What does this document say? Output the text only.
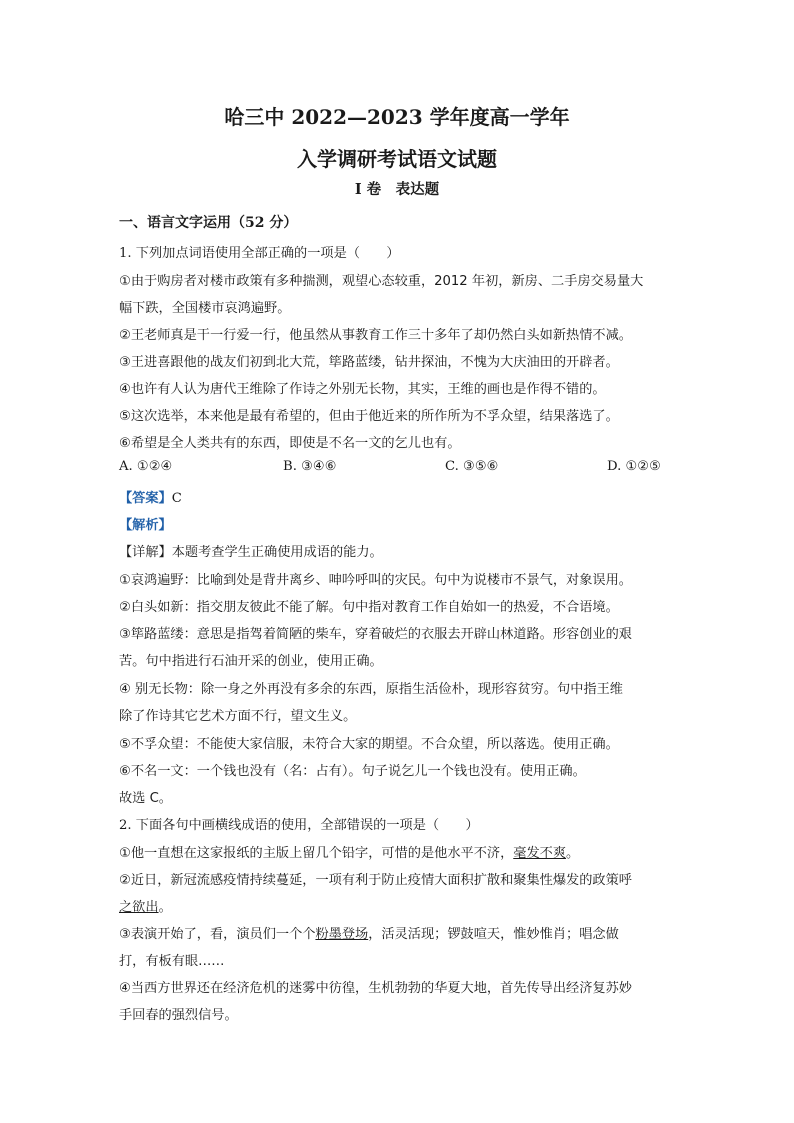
哈三中 2022—2023 学年度高一学年
入学调研考试语文试题
I 卷　表达题
一、语言文字运用（52 分）
1. 下列加点词语使用全部正确的一项是（　　）
①由于购房者对楼市政策有多种揣测，观望心态较重，2012 年初，新房、二手房交易量大
幅下跌，全国楼市哀鸿遍野。
②王老师真是干一行爱一行，他虽然从事教育工作三十多年了却仍然白头如新热情不减。
③王进喜跟他的战友们初到北大荒，筚路蓝缕，钻井探油，不愧为大庆油田的开辟者。
④也许有人认为唐代王维除了作诗之外别无长物，其实，王维的画也是作得不错的。
⑤这次选举，本来他是最有希望的，但由于他近来的所作所为不孚众望，结果落选了。
⑥希望是全人类共有的东西，即使是不名一文的乞儿也有。
A. ①②④	B. ③④⑥	C. ③⑤⑥	D. ①②⑤
【答案】C
【解析】
【详解】本题考查学生正确使用成语的能力。
①哀鸿遍野：比喻到处是背井离乡、呻吟呼叫的灾民。句中为说楼市不景气，对象误用。
②白头如新：指交朋友彼此不能了解。句中指对教育工作自始如一的热爱，不合语境。
③筚路蓝缕：意思是指驾着简陋的柴车，穿着破烂的衣服去开辟山林道路。形容创业的艰
苦。句中指进行石油开采的创业，使用正确。
④ 别无长物：除一身之外再没有多余的东西，原指生活俭朴，现形容贫穷。句中指王维
除了作诗其它艺术方面不行，望文生义。
⑤不孚众望：不能使大家信服，未符合大家的期望。不合众望，所以落选。使用正确。
⑥不名一文：一个钱也没有（名：占有）。句子说乞儿一个钱也没有。使用正确。
故选 C。
2. 下面各句中画横线成语的使用，全部错误的一项是（　　）
①他一直想在这家报纸的主版上留几个铅字，可惜的是他水平不济，毫发不爽。
②近日，新冠流感疫情持续蔓延，一项有利于防止疫情大面积扩散和聚集性爆发的政策呼
之欲出。
③表演开始了，看，演员们一个个粉墨登场，活灵活现；锣鼓喧天，惟妙惟肖；唱念做
打，有板有眼……
④当西方世界还在经济危机的迷雾中彷徨，生机勃勃的华夏大地，首先传导出经济复苏妙
手回春的强烈信号。
